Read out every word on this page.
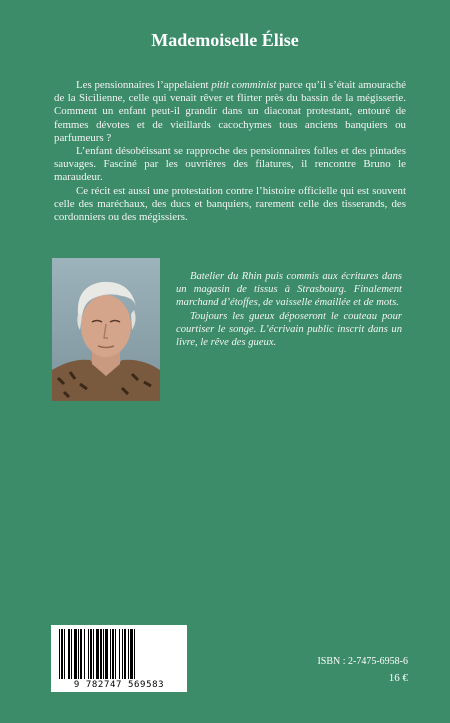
Mademoiselle Élise

Les pensionnaires l’appelaient pitit comminist parce qu’il s’était amouraché de la Sicilienne, celle qui venait rêver et flirter près du bassin de la mégisserie. Comment un enfant peut-il grandir dans un diaconat protestant, entouré de femmes dévotes et de vieillards cacochymes tous anciens banquiers ou parfumeurs ?

L’enfant désobéissant se rapproche des pensionnaires folles et des pintades sauvages. Fasciné par les ouvrières des filatures, il rencontre Bruno le maraudeur.

Ce récit est aussi une protestation contre l’histoire officielle qui est souvent celle des maréchaux, des ducs et banquiers, rarement celle des tisserands, des cordonniers ou des mégissiers.

Batelier du Rhin puis commis aux écritures dans un magasin de tissus à Strasbourg. Finalement marchand d’étoffes, de vaisselle émaillée et de mots.

Toujours les gueux déposeront le couteau pour courtiser le songe. L’écrivain public inscrit dans un livre, le rêve des gueux.

9 782747 569583
ISBN : 2-7475-6958-6
16 €
